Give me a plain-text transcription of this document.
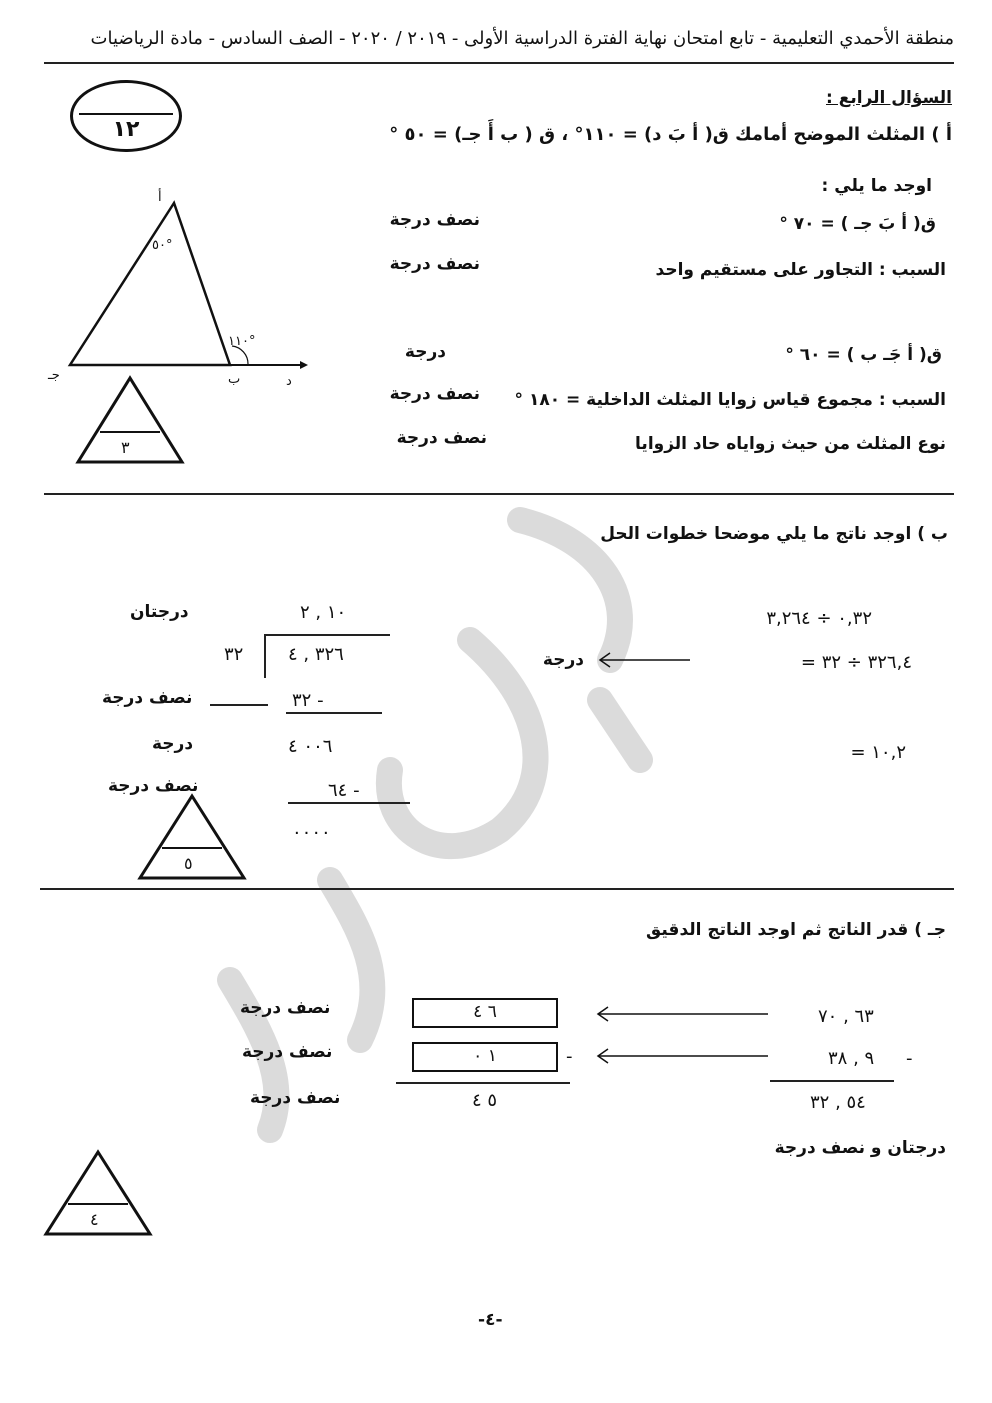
منطقة الأحمدي التعليمية - تابع امتحان نهاية الفترة الدراسية الأولى - ٢٠١٩ / ٢٠٢٠ - الصف السادس - مادة الرياضيات
١٢
السؤال الرابع :
أ ) المثلث الموضح أمامك ق( أ بَ د) = ١١٠° ، ق ( ب أَ جـ) = ٥٠ °
اوجد ما يلي :
ق( أ بَ جـ ) = ٧٠ °
نصف درجة
السبب : التجاور على مستقيم واحد
نصف درجة
ق( أ جَـ ب ) = ٦٠ °
درجة
السبب : مجموع قياس زوايا المثلث الداخلية = ١٨٠ °
نصف درجة
نوع المثلث من حيث زواياه حاد الزوايا
نصف درجة
أ
٥٠°
١١٠°
جـ	ب	د
٣
ب ) اوجد ناتج ما يلي موضحا خطوات الحل
٠,٣٢ ÷ ٣,٢٦٤
= ٣٢٦,٤ ÷ ٣٢
درجة
= ١٠,٢
١٠ , ٢
درجتان
٣٢ ٣٢٦ , ٤
٣٢ -
نصف درجة
٠٠٦ ٤
درجة
٦٤ -
نصف درجة
٠٠٠٠
٥
جـ ) قدر الناتج ثم اوجد الناتج الدقيق
٦٣ , ٧٠
٩ , ٣٨ -
٥٤ , ٣٢
٦ ٤
١ ٠	-
٥ ٤
نصف درجة
نصف درجة
نصف درجة
درجتان و نصف درجة
٤
-٤-
